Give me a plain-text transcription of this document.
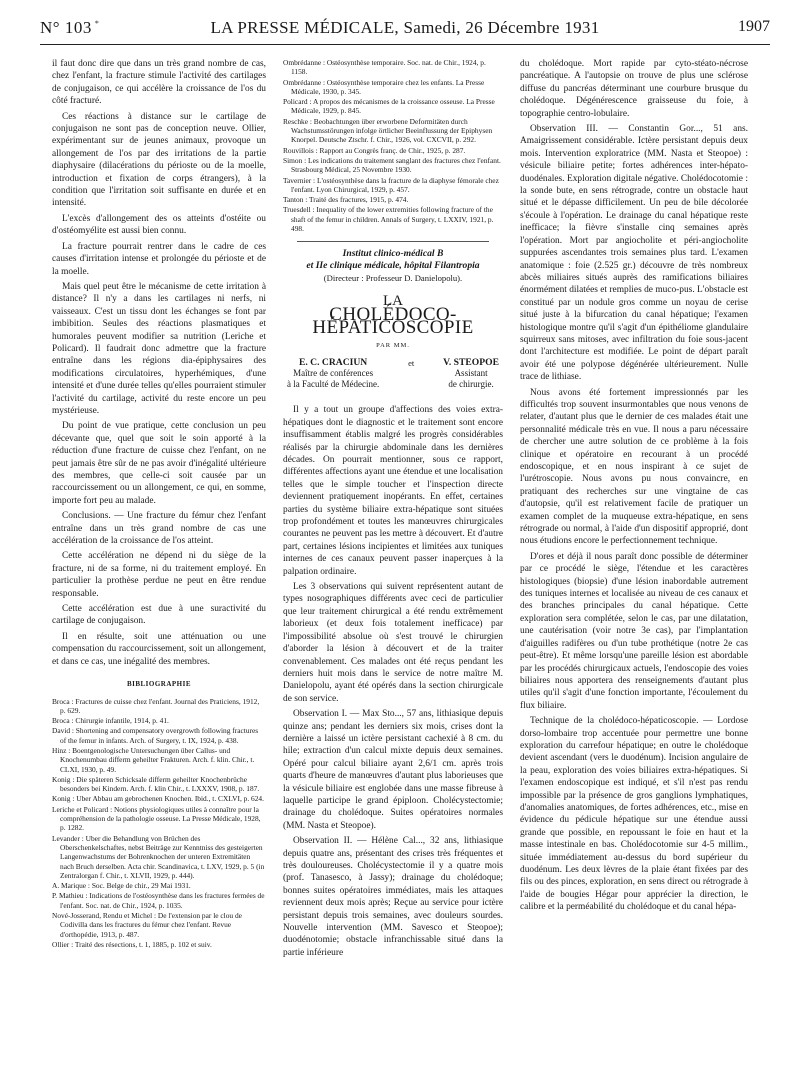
N° 103 *	LA PRESSE MÉDICALE, Samedi, 26 Décembre 1931	1907

il faut donc dire que dans un très grand nombre de cas, chez l'enfant, la fracture stimule l'activité des cartilages de conjugaison, ce qui accélère la croissance de l'os du côté fracturé.

Ces réactions à distance sur le cartilage de conjugaison ne sont pas de conception neuve. Ollier, expérimentant sur de jeunes animaux, provoque un allongement de l'os par des irritations de la partie diaphysaire (dilacérations du périoste ou de la moelle, introduction et fixation de corps étrangers), à la condition que l'irritation soit suffisante en durée et en intensité.

L'excès d'allongement des os atteints d'ostéite ou d'ostéomyélite est aussi bien connu.

La fracture pourrait rentrer dans le cadre de ces causes d'irritation intense et prolongée du périoste et de la moelle.

Mais quel peut être le mécanisme de cette irritation à distance? Il n'y a dans les cartilages ni nerfs, ni vaisseaux. C'est un tissu dont les échanges se font par imbibition. Seules des réactions plasmatiques et humorales peuvent modifier sa nutrition (Leriche et Policard). Il faudrait donc admettre que la fracture entraîne dans les régions dia-épiphysaires des modifications circulatoires, hyperhémiques, d'une intensité et d'une durée telles qu'elles pourraient stimuler l'activité du cartilage, activité du reste encore un peu mystérieuse.

Du point de vue pratique, cette conclusion un peu décevante que, quel que soit le soin apporté à la réduction d'une fracture de cuisse chez l'enfant, on ne peut jamais être sûr de ne pas avoir d'inégalité ultérieure des membres, que celle-ci soit causée par un raccourcissement ou un allongement, ce qui, en somme, importe fort peu au malade.

Conclusions. — Une fracture du fémur chez l'enfant entraîne dans un très grand nombre de cas une accélération de la croissance de l'os atteint.

Cette accélération ne dépend ni du siège de la fracture, ni de sa forme, ni du traitement employé. En particulier la prothèse perdue ne peut en être rendue responsable.

Cette accélération est due à une suractivité du cartilage de conjugaison.

Il en résulte, soit une atténuation ou une compensation du raccourcissement, soit un allongement, et dans ce cas, une inégalité des membres.

BIBLIOGRAPHIE
Broca : Fractures de cuisse chez l'enfant. Journal des Praticiens, 1912, p. 629.
Broca : Chirurgie infantile, 1914, p. 41.
David : Shortening and compensatory overgrowth following fractures of the femur in infants. Arch. of Surgery, t. IX, 1924, p. 438.
Hinz : Boentgenologische Untersuchungen über Callus- und Knochenumbau differm geheilter Frakturen. Arch. f. klin. Chir., t. CLXI, 1930, p. 49.
Konig : Die späteren Schicksale differm geheilter Knochenbrüche besonders bei Kindern. Arch. f. klin Chir., t. LXXXV, 1908, p. 187.
Konig : Uber Abbau am gebrochenen Knochen. Ibid., t. CXLVI, p. 624.
Leriche et Policard : Notions physiologiques utiles à connaître pour la compréhension de la pathologie osseuse. La Presse Médicale, 1928, p. 1282.
Levander : Uber die Behandlung von Brüchen des Oberschenkelschaftes, nebst Beiträge zur Kenntniss des gesteigerten Langenwachstums der Bohrenknochen der unteren Extremitäten nach Bruch derselben. Acta chir. Scandinavica, t. LXV, 1929, p. 5 (in Zentralorgan f. Chir., t. XLVII, 1929, p. 444).
A. Marique : Soc. Belge de chir., 29 Mai 1931.
P. Mathieu : Indications de l'ostéosynthèse dans les fractures fermées de l'enfant. Soc. nat. de Chir., 1924, p. 1035.
Nové-Josserand, Rendu et Michel : De l'extension par le clou de Codivilla dans les fractures du fémur chez l'enfant. Revue d'orthopédie, 1913, p. 487.
Ollier : Traité des résections, t. 1, 1885, p. 102 et suiv.
Ombrédanne : Ostéosynthèse temporaire. Soc. nat. de Chir., 1924, p. 1158.
Ombrédanne : Ostéosynthèse temporaire chez les enfants. La Presse Médicale, 1930, p. 345.
Policard : A propos des mécanismes de la croissance osseuse. La Presse Médicale, 1929, p. 845.
Reschke : Beobachtungen über erworbene Deformitäten durch Wachstumsstörungen infolge örtlicher Beeinflussung der Epiphysen Knorpel. Deutsche Ztschr. f. Chir., 1926, vol. CXCVII, p. 292.
Rouvillois : Rapport au Congrès franç. de Chir., 1925, p. 287.
Simon : Les indications du traitement sanglant des fractures chez l'enfant. Strasbourg Médical, 25 Novembre 1930.
Tavernier : L'ostéosynthèse dans la fracture de la diaphyse fémorale chez l'enfant. Lyon Chirurgical, 1929, p. 457.
Tanton : Traité des fractures, 1915, p. 474.
Truesdell : Inequality of the lower extremities following fracture of the shaft of the femur in children. Annals of Surgery, t. LXXIV, 1921, p. 498.
Institut clinico-médical B
et IIe clinique médicale, hôpital Filantropia
(Directeur : Professeur D. Danielopolu).
LA
CHOLÉDOCO-HÉPATICOSCOPIE
PAR MM.
E. C. CRACIUN
Maître de conférences
à la Faculté de Médecine.
et	V. STEOPOE
Assistant
de chirurgie.

Il y a tout un groupe d'affections des voies extra-hépatiques dont le diagnostic et le traitement sont encore insuffisamment établis malgré les progrès considérables réalisés par la chirurgie abdominale dans les dernières décades. On pourrait mentionner, sous ce rapport, différentes affections ayant une étendue et une localisation telles que le simple toucher et l'inspection directe deviennent pratiquement inopérants. En effet, certaines parties du système biliaire extra-hépatique sont situées trop profondément et toutes les manœuvres chirurgicales courantes ne peuvent pas les mettre à découvert. Et d'autre part, certaines lésions incipientes et limitées aux tuniques internes de ces canaux peuvent passer inaperçues à la palpation ordinaire.

Les 3 observations qui suivent représentent autant de types nosographiques différents avec ceci de particulier que leur traitement chirurgical a été rendu extrêmement laborieux (et deux fois totalement inefficace) par l'impossibilité absolue où s'est trouvé le chirurgien d'aborder la lésion à découvert et de la traiter convenablement. Ces malades ont été reçus pendant les derniers huit mois dans le service de notre maître M. Danielopolu, ayant été opérés dans la section chirurgicale de son service.

Observation I. — Max Sto..., 57 ans, lithiasique depuis quinze ans; pendant les derniers six mois, crises dont la dernière a laissé un ictère persistant cachexié à 8 cm. du hile; extraction d'un calcul mixte depuis deux semaines. Opéré pour calcul biliaire ayant 2,6/1 cm. après trois quarts d'heure de manœuvres d'autant plus laborieuses que la vésicule biliaire est englobée dans une masse fibreuse à laquelle participe le grand épiploon. Cholécystectomie; drainage du cholédoque. Suites opératoires normales (MM. Nasta et Steopoe).

Observation II. — Hélène Cal..., 32 ans, lithiasique depuis quatre ans, présentant des crises très fréquentes et très douloureuses. Cholécystectomie il y a quatre mois (prof. Tanasesco, à Jassy); drainage du cholédoque; bonnes suites opératoires immédiates, mais les attaques reviennent deux mois après; Reçue au service pour ictère persistant depuis trois semaines, avec douleurs sourdes. Nouvelle intervention (MM. Savesco et Steopoe); duodénotomie; obstacle infranchissable situé dans la partie inférieure

du cholédoque. Mort rapide par cyto-stéato-nécrose pancréatique. A l'autopsie on trouve de plus une sclérose diffuse du pancréas déterminant une courbure brusque du cholédoque. Dégénérescence graisseuse du foie, à topographie centro-lobulaire.

Observation III. — Constantin Gor..., 51 ans. Amaigrissement considérable. Ictère persistant depuis deux mois. Intervention exploratrice (MM. Nasta et Steopoe) : vésicule biliaire petite; fortes adhérences inter-hépato-duodénales. Exploration digitale négative. Cholédocotomie : la sonde bute, en sens rétrograde, contre un obstacle haut situé et le dépasse difficilement. Un peu de bile décolorée s'écoule à l'opération. Le drainage du canal hépatique reste inefficace; la fièvre s'installe cinq semaines après l'opération. Mort par angiocholite et péri-angiocholite suppurées ascendantes trois semaines plus tard. L'examen anatomique : foie (2.525 gr.) découvre de très nombreux abcès miliaires situés auprès des ramifications biliaires énormément dilatées et remplies de muco-pus. L'obstacle est constitué par un nodule gros comme un noyau de cerise situé juste à la bifurcation du canal hépatique; l'examen histologique montre qu'il s'agit d'un épithéliome glandulaire squirreux sans mitoses, avec infiltration du foie sous-jacent dont l'architecture est modifiée. Le point de départ paraît avoir été une polypose dégénérée ultérieurement. Nulle trace de lithiase.

Nous avons été fortement impressionnés par les difficultés trop souvent insurmontables que nous venons de relater, d'autant plus que le dernier de ces malades était une personnalité médicale très en vue. Il nous a paru nécessaire de chercher une autre solution de ce problème à la fois clinique et opératoire en recourant à un procédé endoscopique, et en nous inspirant à ce sujet de l'urétroscopie. Nous avons pu nous convaincre, en pratiquant des recherches sur une vingtaine de cas d'autopsie, qu'il est relativement facile de pratiquer un examen complet de la muqueuse extra-hépatique, en sens rétrograde ou normal, à l'aide d'un dispositif approprié, dont nous étudions encore le perfectionnement technique.

D'ores et déjà il nous paraît donc possible de déterminer par ce procédé le siège, l'étendue et les caractères histologiques (biopsie) d'une lésion inabordable autrement des tuniques internes et localisée au niveau de ces canaux et des branches principales du canal hépatique. Cette exploration sera complétée, selon le cas, par une dilatation, une cautérisation (voir notre 3e cas), par l'implantation d'aiguilles radifères ou d'un tube prothétique (notre 2e cas peut-être). Et même lorsqu'une pareille lésion est abordable par les procédés chirurgicaux actuels, l'endoscopie des voies biliaires nous apportera des renseignements d'autant plus utiles qu'il s'agit d'une fonction importante, l'écoulement du flux biliaire.

Technique de la cholédoco-hépaticoscopie. — Lordose dorso-lombaire trop accentuée pour permettre une bonne exploration du carrefour hépatique; en outre le cholédoque devient ascendant (vers le duodénum). Incision angulaire de la peau, exploration des voies biliaires extra-hépatiques. Si l'examen endoscopique est indiqué, et s'il n'est pas rendu impossible par la présence de gros ganglions lymphatiques, d'anomalies anatomiques, de fortes adhérences, etc., mise en évidence du pédicule hépatique sur une étendue aussi grande que possible, en repoussant le foie en haut et la masse intestinale en bas. Cholédocotomie sur 4-5 millim., située immédiatement au-dessus du bord supérieur du duodénum. Les deux lèvres de la plaie étant fixées par des fils ou des pinces, exploration, en sens direct ou rétrograde à l'aide de bougies Hégar pour apprécier la direction, le calibre et la perméabilité du cholédoque et du canal hépa-
